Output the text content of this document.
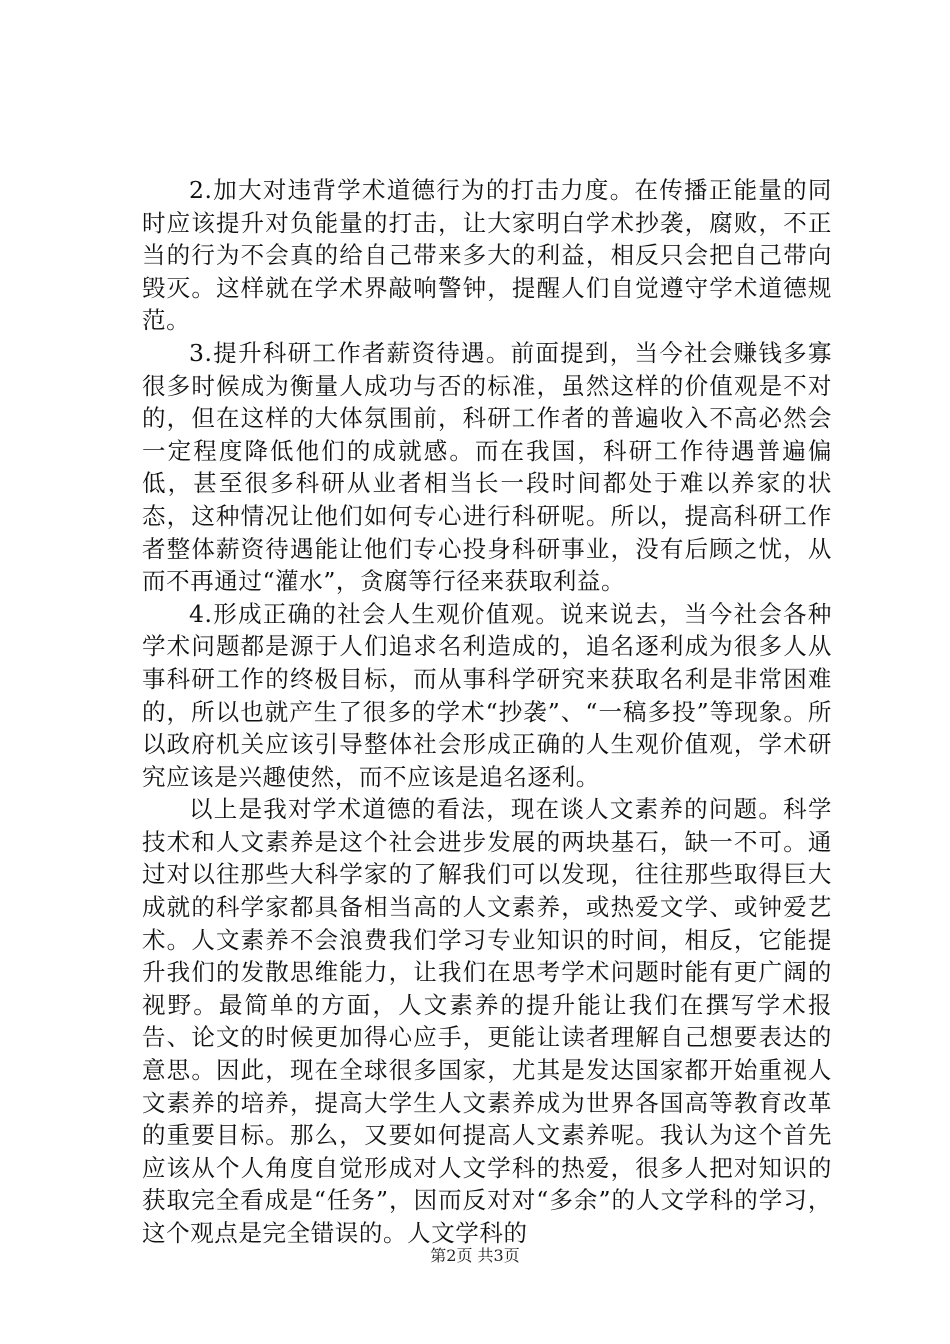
2.加大对违背学术道德行为的打击力度。在传播正能量的同时应该提升对负能量的打击，让大家明白学术抄袭，腐败，不正当的行为不会真的给自己带来多大的利益，相反只会把自己带向毁灭。这样就在学术界敲响警钟，提醒人们自觉遵守学术道德规范。

3.提升科研工作者薪资待遇。前面提到，当今社会赚钱多寡很多时候成为衡量人成功与否的标准，虽然这样的价值观是不对的，但在这样的大体氛围前，科研工作者的普遍收入不高必然会一定程度降低他们的成就感。而在我国，科研工作待遇普遍偏低，甚至很多科研从业者相当长一段时间都处于难以养家的状态，这种情况让他们如何专心进行科研呢。所以，提高科研工作者整体薪资待遇能让他们专心投身科研事业，没有后顾之忧，从而不再通过“灌水”，贪腐等行径来获取利益。

4.形成正确的社会人生观价值观。说来说去，当今社会各种学术问题都是源于人们追求名利造成的，追名逐利成为很多人从事科研工作的终极目标，而从事科学研究来获取名利是非常困难的，所以也就产生了很多的学术“抄袭”、“一稿多投”等现象。所以政府机关应该引导整体社会形成正确的人生观价值观，学术研究应该是兴趣使然，而不应该是追名逐利。

以上是我对学术道德的看法，现在谈人文素养的问题。科学技术和人文素养是这个社会进步发展的两块基石，缺一不可。通过对以往那些大科学家的了解我们可以发现，往往那些取得巨大成就的科学家都具备相当高的人文素养，或热爱文学、或钟爱艺术。人文素养不会浪费我们学习专业知识的时间，相反，它能提升我们的发散思维能力，让我们在思考学术问题时能有更广阔的视野。最简单的方面，人文素养的提升能让我们在撰写学术报告、论文的时候更加得心应手，更能让读者理解自己想要表达的意思。因此，现在全球很多国家，尤其是发达国家都开始重视人文素养的培养，提高大学生人文素养成为世界各国高等教育改革的重要目标。那么，又要如何提高人文素养呢。我认为这个首先应该从个人角度自觉形成对人文学科的热爱，很多人把对知识的获取完全看成是“任务”，因而反对对“多余”的人文学科的学习，这个观点是完全错误的。人文学科的

第2页 共3页
